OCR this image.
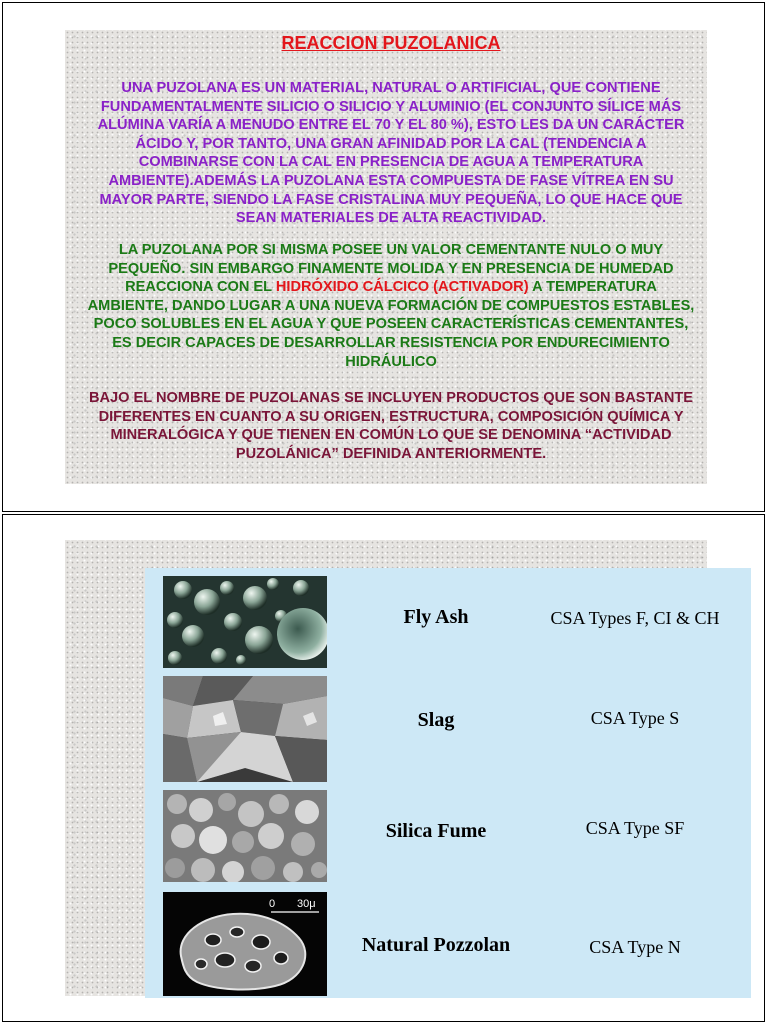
REACCION PUZOLANICA
UNA PUZOLANA ES UN MATERIAL, NATURAL O ARTIFICIAL, QUE CONTIENE FUNDAMENTALMENTE SILICIO O SILICIO Y ALUMINIO (EL CONJUNTO SÍLICE MÁS ALÚMINA VARÍA A MENUDO ENTRE EL 70 Y EL 80 %), ESTO LES DA UN CARÁCTER ÁCIDO Y, POR TANTO, UNA GRAN AFINIDAD POR LA CAL (TENDENCIA A COMBINARSE CON LA CAL EN PRESENCIA DE AGUA A TEMPERATURA AMBIENTE).ADEMÁS LA PUZOLANA ESTA COMPUESTA DE FASE VÍTREA EN SU MAYOR PARTE, SIENDO LA FASE CRISTALINA MUY PEQUEÑA, LO QUE HACE QUE SEAN MATERIALES DE ALTA REACTIVIDAD.
LA PUZOLANA POR SI MISMA POSEE UN VALOR CEMENTANTE NULO O MUY PEQUEÑO. SIN EMBARGO FINAMENTE MOLIDA Y EN PRESENCIA DE HUMEDAD REACCIONA CON EL HIDRÓXIDO CÁLCICO (ACTIVADOR) A TEMPERATURA AMBIENTE, DANDO LUGAR A UNA NUEVA FORMACIÓN DE COMPUESTOS ESTABLES, POCO SOLUBLES EN EL AGUA Y QUE POSEEN CARACTERÍSTICAS CEMENTANTES, ES DECIR CAPACES DE DESARROLLAR RESISTENCIA POR ENDURECIMIENTO HIDRÁULICO
BAJO EL NOMBRE DE PUZOLANAS SE INCLUYEN PRODUCTOS QUE SON BASTANTE DIFERENTES EN CUANTO A SU ORIGEN, ESTRUCTURA, COMPOSICIÓN QUÍMICA Y MINERALÓGICA Y QUE TIENEN EN COMÚN LO QUE SE DENOMINA “ACTIVIDAD PUZOLÁNICA” DEFINIDA ANTERIORMENTE.
Fly Ash	CSA Types F, CI & CH
Slag	CSA Type S
Silica Fume	CSA Type SF
0 30μ
Natural Pozzolan	CSA Type N
